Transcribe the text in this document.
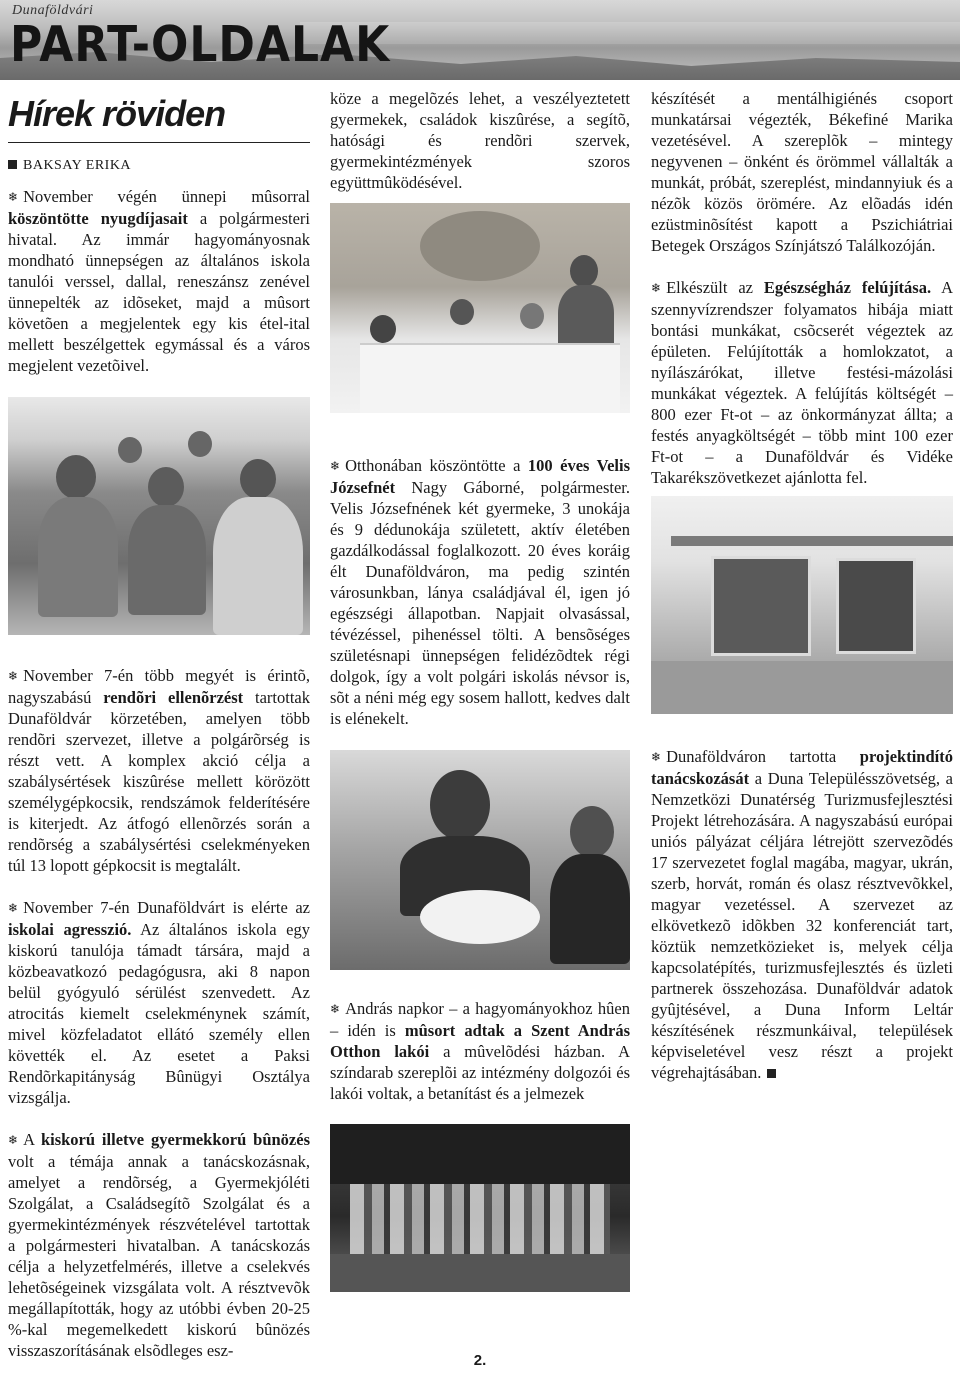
Dunaföldvári
PART-OLDALAK
Hírek röviden
BAKSAY ERIKA

❄ November végén ünnepi mûsorral köszöntötte nyugdíjasait a polgármesteri hivatal. Az immár hagyományosnak mondható ünnepségen az általános iskola tanulói verssel, dallal, reneszánsz zenével ünnepelték az idõseket, majd a mûsort követõen a megjelentek egy kis étel-ital mellett beszélgettek egymással és a város megjelent vezetõivel.

❄ November 7-én több megyét is érintõ, nagyszabású rendõri ellenõrzést tartottak Dunaföldvár körzetében, amelyen több rendõri szervezet, illetve a polgárõrség is részt vett. A komplex akció célja a szabálysértések kiszûrése mellett körözött személygépkocsik, rendszámok felderítésére is kiterjedt. Az átfogó ellenõrzés során a rendõrség a szabálysértési cselekményeken túl 13 lopott gépkocsit is megtalált.

❄ November 7-én Dunaföldvárt is elérte az iskolai agresszió. Az általános iskola egy kiskorú tanulója támadt társára, majd a közbeavatkozó pedagógusra, aki 8 napon belül gyógyuló sérülést szenvedett. Az atrocitás kiemelt cselekménynek számít, mivel közfeladatot ellátó személy ellen követték el. Az esetet a Paksi Rendõrkapitányság Bûnügyi Osztálya vizsgálja.

❄ A kiskorú illetve gyermekkorú bûnözés volt a témája annak a tanácskozásnak, amelyet a rendõrség, a Gyermekjóléti Szolgálat, a Családsegítõ Szolgálat és a gyermekintézmények részvételével tartottak a polgármesteri hivatalban. A tanácskozás célja a helyzetfelmérés, illetve a cselekvés lehetõségeinek vizsgálata volt. A résztvevõk megállapították, hogy az utóbbi évben 20-25 %-kal megemelkedett kiskorú bûnözés visszaszorításának elsõdleges esz-

köze a megelõzés lehet, a veszélyeztetett gyermekek, családok kiszûrése, a segítõ, hatósági és rendõri szervek, gyermekintézmények szoros együttmûködésével.

❄ Otthonában köszöntötte a 100 éves Velis Józsefnét Nagy Gáborné, polgármester. Velis Józsefnének két gyermeke, 3 unokája és 9 dédunokája született, aktív életében gazdálkodással foglalkozott. 20 éves koráig élt Dunaföldváron, ma pedig szintén városunkban, lánya családjával él, igen jó egészségi állapotban. Napjait olvasással, tévézéssel, pihenéssel tölti. A bensõséges születésnapi ünnepségen felidézõdtek régi dolgok, így a volt polgári iskolás névsor is, sõt a néni még egy sosem hallott, kedves dalt is elénekelt.

❄ András napkor – a hagyományokhoz hûen – idén is mûsort adtak a Szent András Otthon lakói a mûvelõdési házban. A színdarab szereplõi az intézmény dolgozói és lakói voltak, a betanítást és a jelmezek

készítését a mentálhigiénés csoport munkatársai végezték, Békefiné Marika vezetésével. A szereplõk – mintegy negyvenen – önként és örömmel vállalták a munkát, próbát, szereplést, mindannyiuk és a nézõk közös örömére. Az elõadás idén ezüstminõsítést kapott a Pszichiátriai Betegek Országos Színjátszó Találkozóján.

❄ Elkészült az Egészségház felújítása. A szennyvízrendszer folyamatos hibája miatt bontási munkákat, csõcserét végeztek az épületen. Felújították a homlokzatot, a nyílászárókat, illetve festési-mázolási munkákat végeztek. A felújítás költségét – 800 ezer Ft-ot – az önkormányzat állta; a festés anyagköltségét – több mint 100 ezer Ft-ot – a Dunaföldvár és Vidéke Takarékszövetkezet ajánlotta fel.

❄ Dunaföldváron tartotta projektindító tanácskozását a Duna Településszövetség, a Nemzetközi Dunatérség Turizmusfejlesztési Projekt létrehozására. A nagyszabású európai uniós pályázat céljára létrejött szervezõdés 17 szervezetet foglal magába, magyar, ukrán, szerb, horvát, román és olasz résztvevõkkel, magyar vezetéssel. A szervezet az elkövetkezõ idõkben 32 konferenciát tart, köztük nemzetközieket is, melyek célja kapcsolatépítés, turizmusfejlesztés és üzleti partnerek összehozása. Dunaföldvár adatok gyûjtésével, a Duna Inform Leltár készítésének részmunkáival, települések képviseletével vesz részt a projekt végrehajtásában.

2.
